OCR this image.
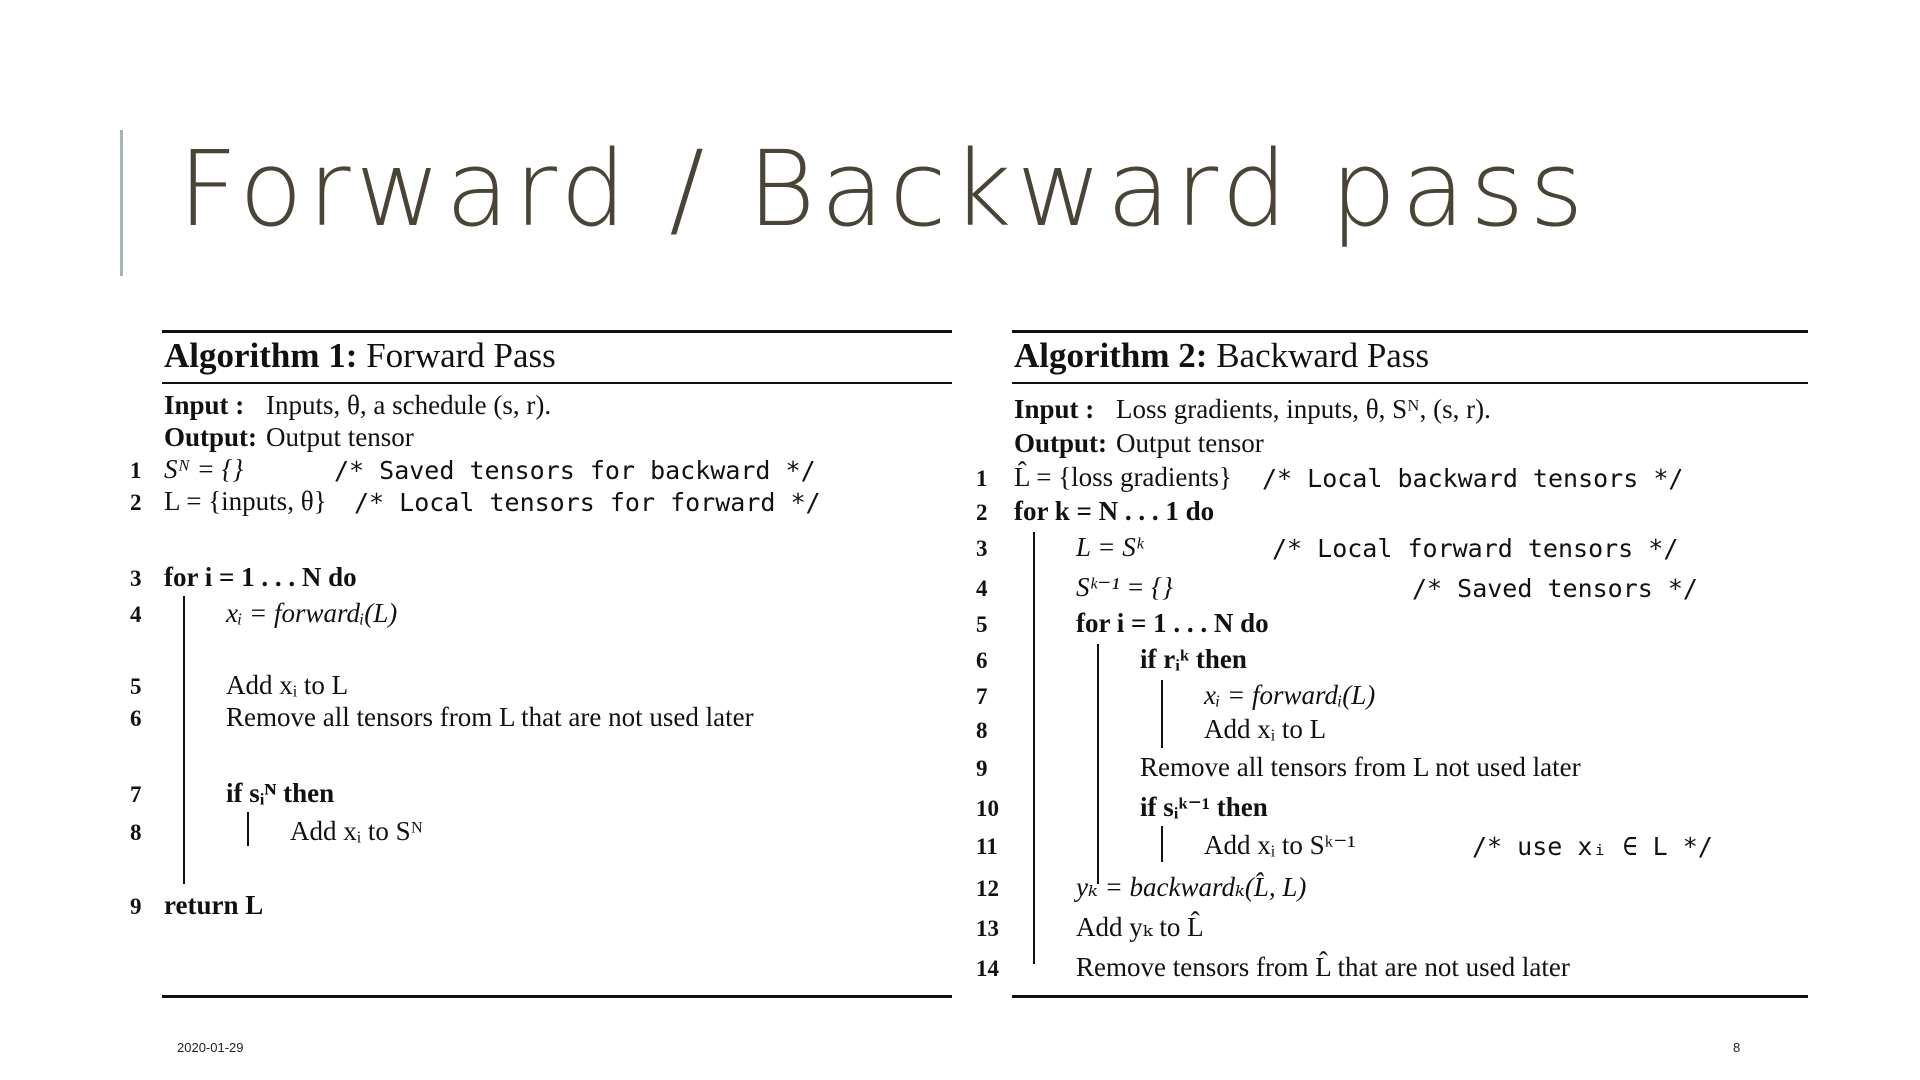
Forward / Backward pass
Algorithm 1: Forward Pass
Input : Inputs, θ, a schedule (s, r).
Output: Output tensor
1 Sᴺ = {}	/* Saved tensors for backward */
2 L = {inputs, θ} /* Local tensors for forward */
3 for i = 1 . . . N do
4	xᵢ = forwardᵢ(L)
5	Add xᵢ to L
6	Remove all tensors from L that are not used later
7	if sᵢᴺ then
8	Add xᵢ to Sᴺ
9 return L
Algorithm 2: Backward Pass
Input : Loss gradients, inputs, θ, Sᴺ, (s, r).
Output: Output tensor
1 L̂ = {loss gradients} /* Local backward tensors */
2 for k = N . . . 1 do
3	L = Sᵏ	/* Local forward tensors */
4	Sᵏ⁻¹ = {}	/* Saved tensors */
5	for i = 1 . . . N do
6	if rᵢᵏ then
7	xᵢ = forwardᵢ(L)
8	Add xᵢ to L
9	Remove all tensors from L not used later
10	if sᵢᵏ⁻¹ then
11	Add xᵢ to Sᵏ⁻¹	/* use xᵢ ∈ L */
12	yₖ = backwardₖ(L̂, L)
13	Add yₖ to L̂
14	Remove tensors from L̂ that are not used later
2020-01-29	8
